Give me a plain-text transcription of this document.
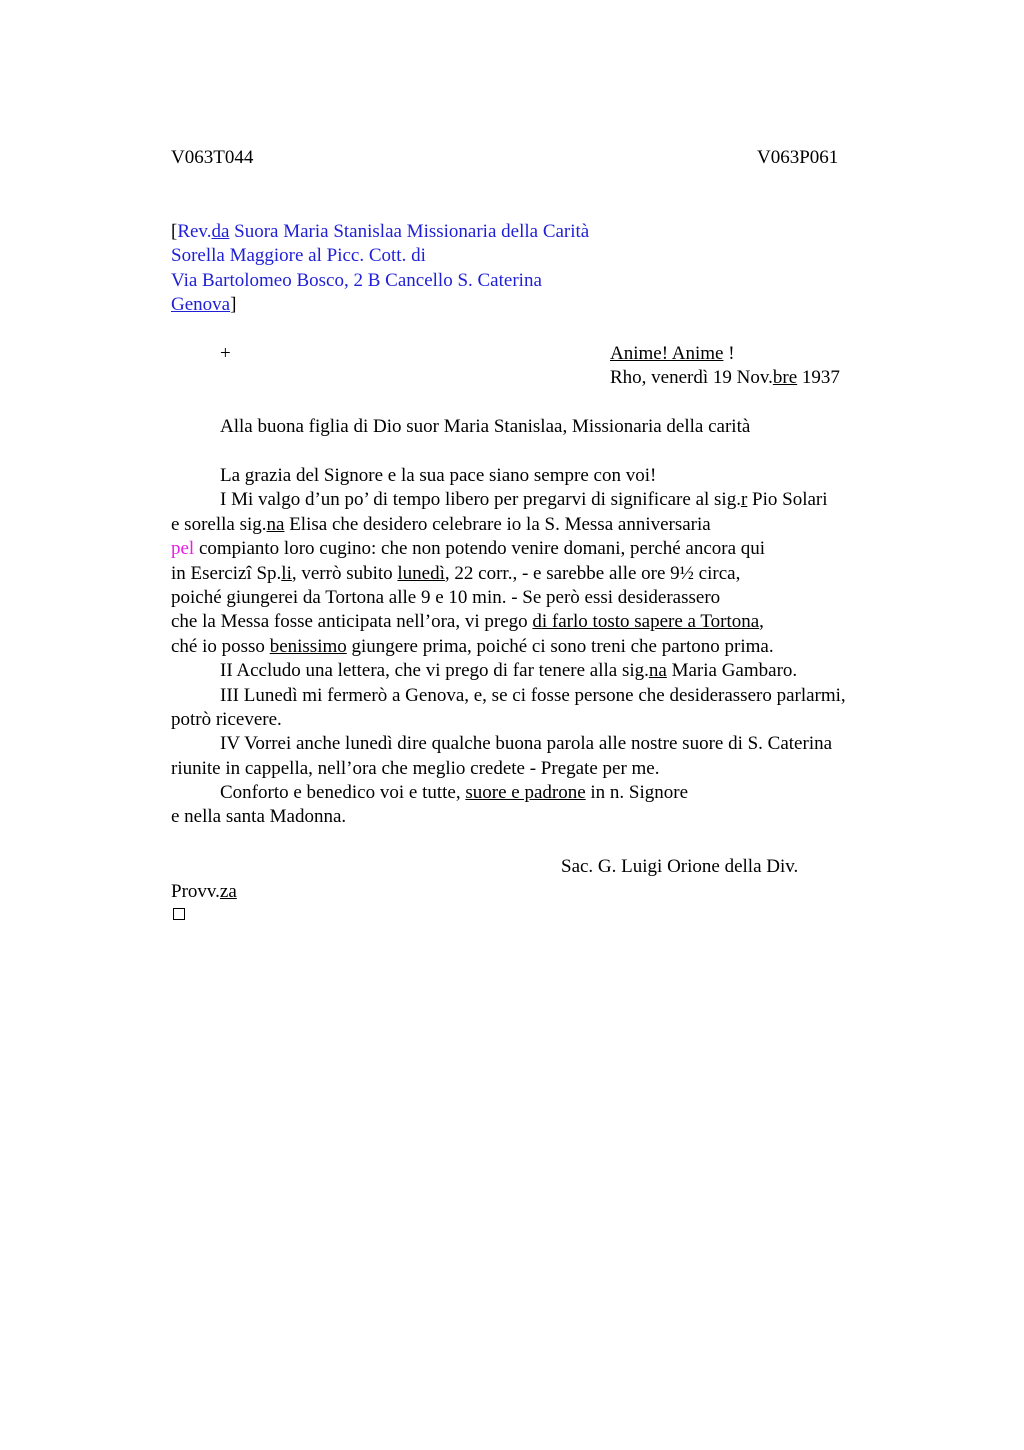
V063T044	V063P061
[Rev.da Suora Maria Stanislaa Missionaria della Carità
Sorella Maggiore al Picc. Cott. di
Via Bartolomeo Bosco, 2 B Cancello S. Caterina
Genova]
+	Anime! Anime !
Rho, venerdì 19 Nov.bre 1937
Alla buona figlia di Dio suor Maria Stanislaa, Missionaria della carità
La grazia del Signore e la sua pace siano sempre con voi!
I Mi valgo d’un po’ di tempo libero per pregarvi di significare al sig.r Pio Solari
e sorella sig.na Elisa che desidero celebrare io la S. Messa anniversaria
pel compianto loro cugino: che non potendo venire domani, perché ancora qui
in Esercizî Sp.li, verrò subito lunedì, 22 corr., - e sarebbe alle ore 9½ circa,
poiché giungerei da Tortona alle 9 e 10 min. - Se però essi desiderassero
che la Messa fosse anticipata nell’ora, vi prego di farlo tosto sapere a Tortona,
ché io posso benissimo giungere prima, poiché ci sono treni che partono prima.
II Accludo una lettera, che vi prego di far tenere alla sig.na Maria Gambaro.
III Lunedì mi fermerò a Genova, e, se ci fosse persone che desiderassero parlarmi,
potrò ricevere.
IV Vorrei anche lunedì dire qualche buona parola alle nostre suore di S. Caterina
riunite in cappella, nell’ora che meglio credete - Pregate per me.
Conforto e benedico voi e tutte, suore e padrone in n. Signore
e nella santa Madonna.
Sac. G. Luigi Orione della Div.
Provv.za
